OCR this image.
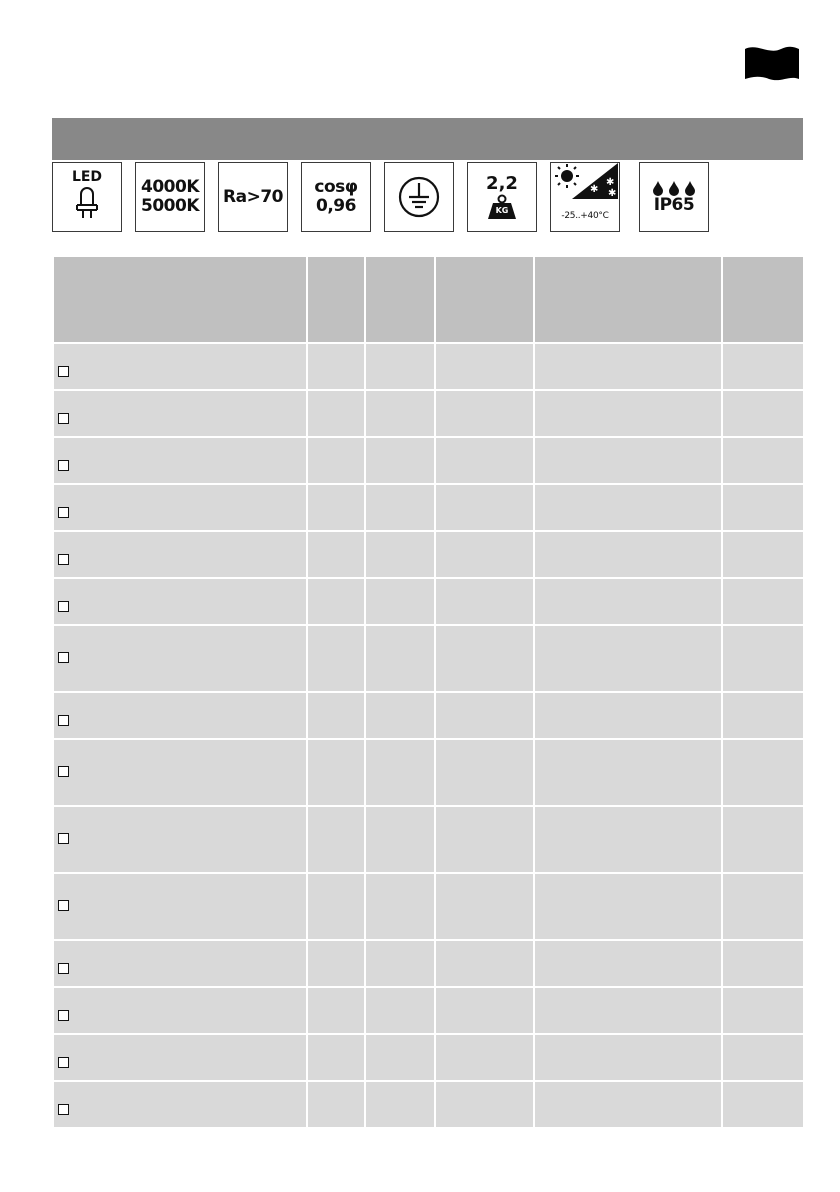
LED 4000K
5000K Ra>70 cosφ
0,96
2,2
KG
✱
✱
✱ ✱
-25..+40°C
IP65
